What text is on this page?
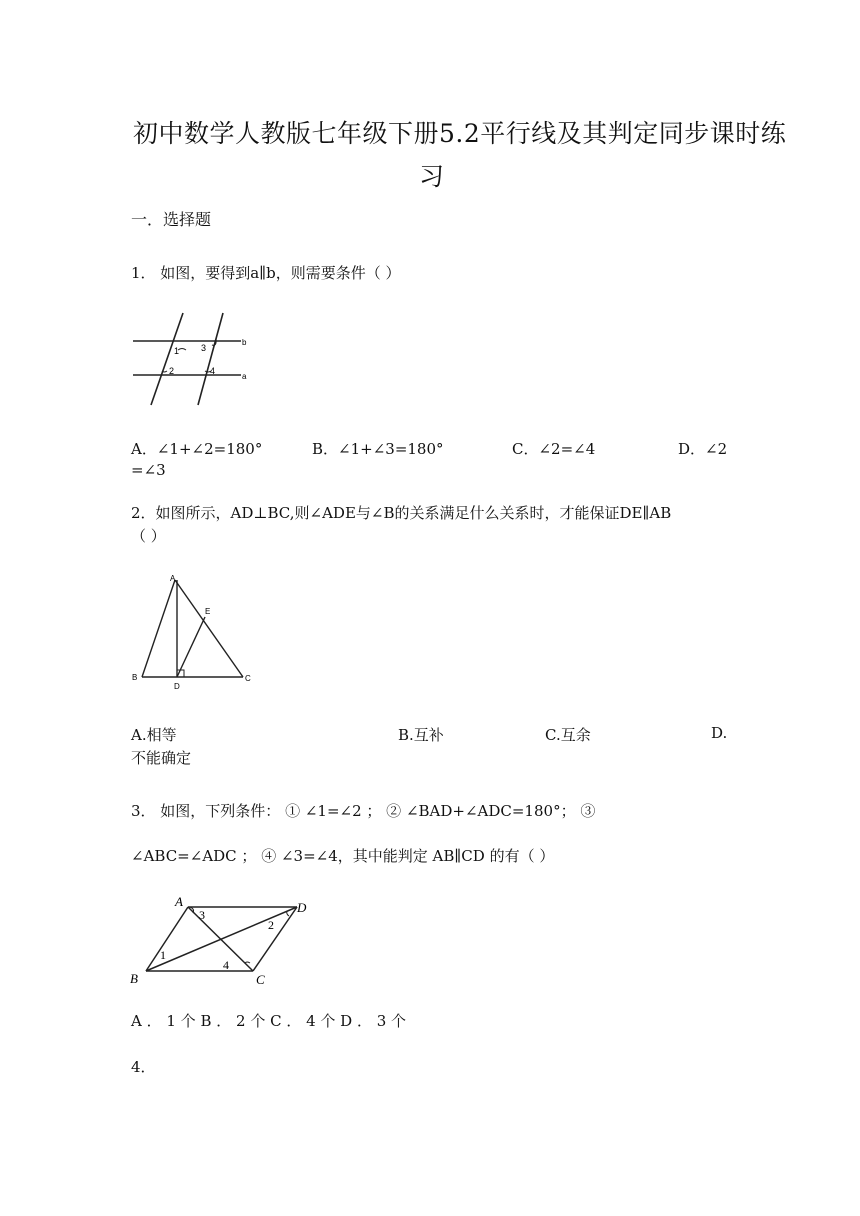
初中数学人教版七年级下册5.2平行线及其判定同步课时练
习
一．选择题
1． 如图，要得到a∥b，则需要条件（ ）
1
2
3
4
b
a
A．∠1+∠2=180°	B．∠1+∠3=180°	C．∠2=∠4	D．∠2
=∠3
2．如图所示，AD⊥BC,则∠ADE与∠B的关系满足什么关系时，才能保证DE∥AB
（ ）
A
B	C
D
E
A.相等	B.互补	C.互余	D.
不能确定
3． 如图，下列条件： ① ∠1=∠2 ； ② ∠BAD+∠ADC=180°； ③
∠ABC=∠ADC ； ④ ∠3=∠4，其中能判定 AB∥CD 的有（ ）
A
B	C
D
1
2
3
4
A ． 1 个 B ． 2 个 C ． 4 个 D ． 3 个
4．
